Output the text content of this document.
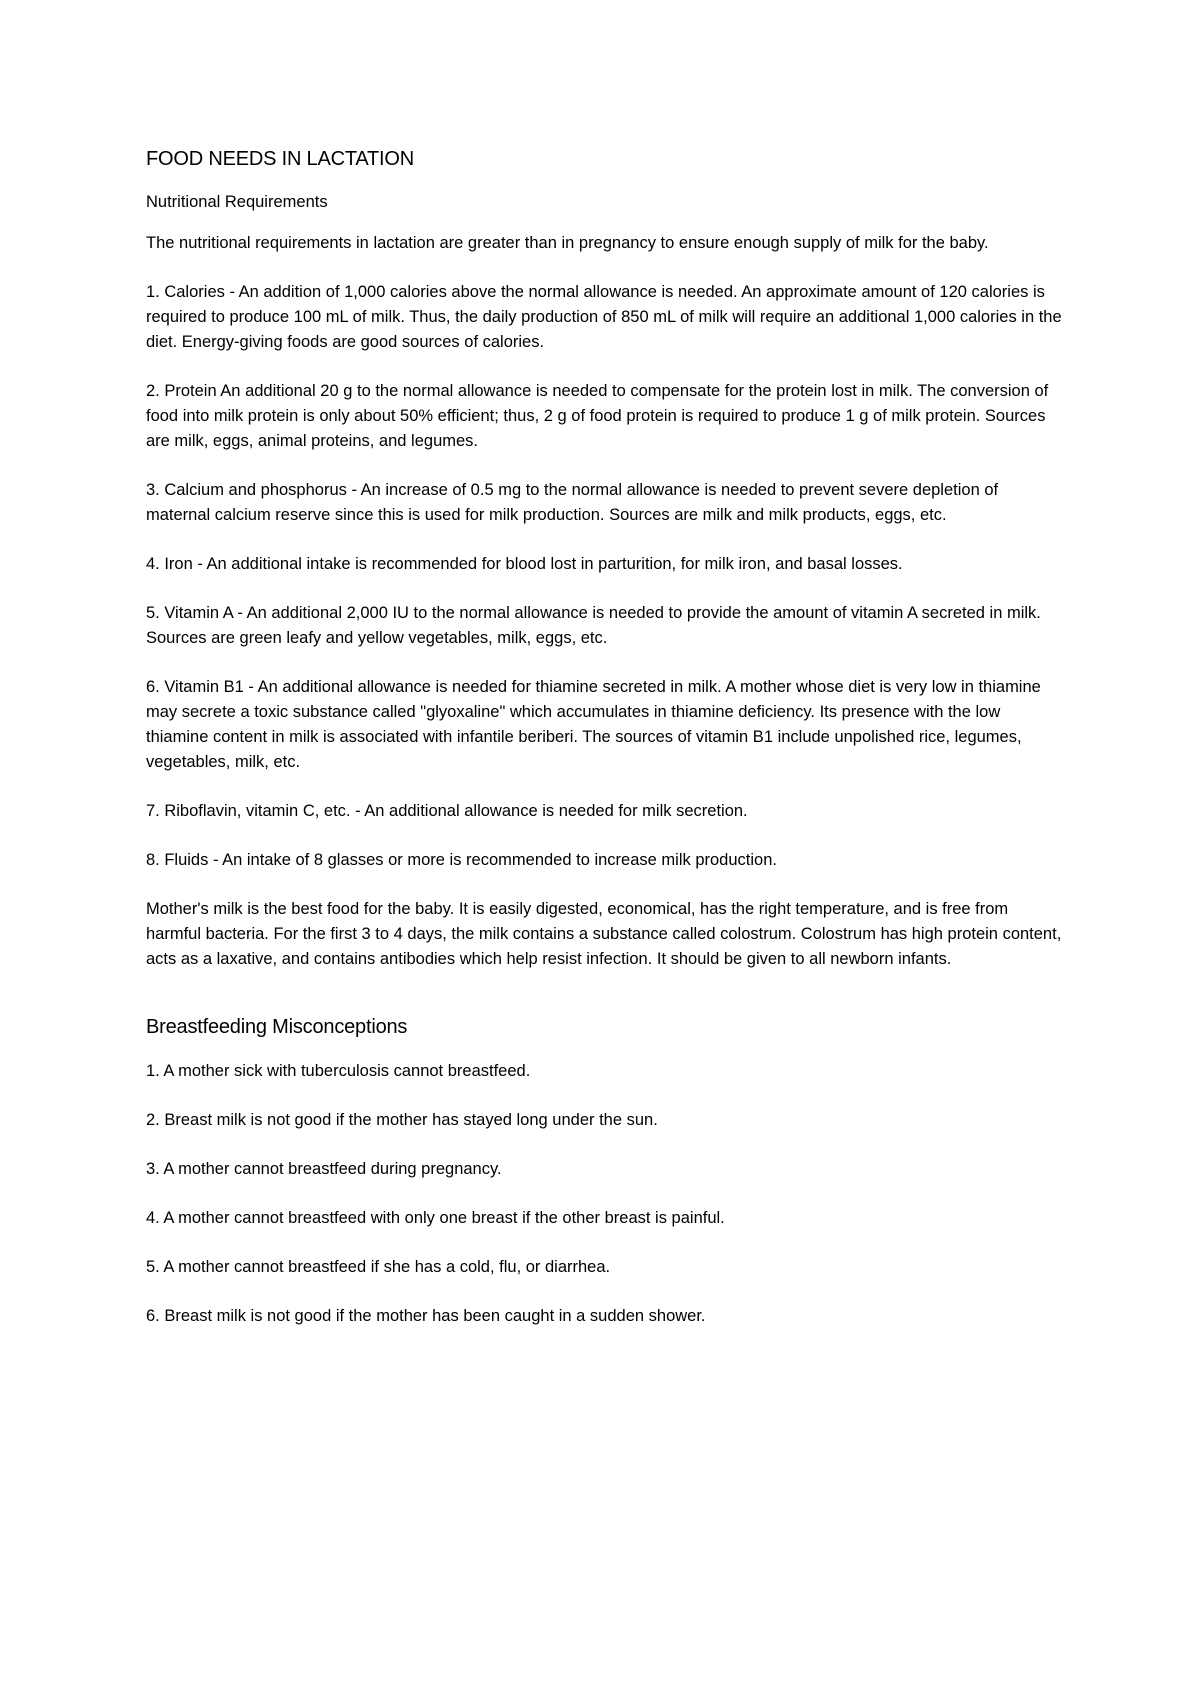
FOOD NEEDS IN LACTATION

Nutritional Requirements

The nutritional requirements in lactation are greater than in pregnancy to ensure enough supply of milk for the baby.

1. Calories - An addition of 1,000 calories above the normal allowance is needed. An approximate amount of 120 calories is required to produce 100 mL of milk. Thus, the daily production of 850 mL of milk will require an additional 1,000 calories in the diet. Energy-giving foods are good sources of calories.

2. Protein An additional 20 g to the normal allowance is needed to compensate for the protein lost in milk. The conversion of food into milk protein is only about 50% efficient; thus, 2 g of food protein is required to produce 1 g of milk protein. Sources are milk, eggs, animal proteins, and legumes.

3. Calcium and phosphorus - An increase of 0.5 mg to the normal allowance is needed to prevent severe depletion of maternal calcium reserve since this is used for milk production. Sources are milk and milk products, eggs, etc.

4. Iron - An additional intake is recommended for blood lost in parturition, for milk iron, and basal losses.

5. Vitamin A - An additional 2,000 IU to the normal allowance is needed to provide the amount of vitamin A secreted in milk. Sources are green leafy and yellow vegetables, milk, eggs, etc.

6. Vitamin B1 - An additional allowance is needed for thiamine secreted in milk. A mother whose diet is very low in thiamine may secrete a toxic substance called "glyoxaline" which accumulates in thiamine deficiency. Its presence with the low thiamine content in milk is associated with infantile beriberi. The sources of vitamin B1 include unpolished rice, legumes, vegetables, milk, etc.

7. Riboflavin, vitamin C, etc. - An additional allowance is needed for milk secretion.

8. Fluids - An intake of 8 glasses or more is recommended to increase milk production.

Mother's milk is the best food for the baby. It is easily digested, economical, has the right temperature, and is free from harmful bacteria. For the first 3 to 4 days, the milk contains a substance called colostrum. Colostrum has high protein content, acts as a laxative, and contains antibodies which help resist infection. It should be given to all newborn infants.

Breastfeeding Misconceptions

1. A mother sick with tuberculosis cannot breastfeed.

2. Breast milk is not good if the mother has stayed long under the sun.

3. A mother cannot breastfeed during pregnancy.

4. A mother cannot breastfeed with only one breast if the other breast is painful.

5. A mother cannot breastfeed if she has a cold, flu, or diarrhea.

6. Breast milk is not good if the mother has been caught in a sudden shower.
